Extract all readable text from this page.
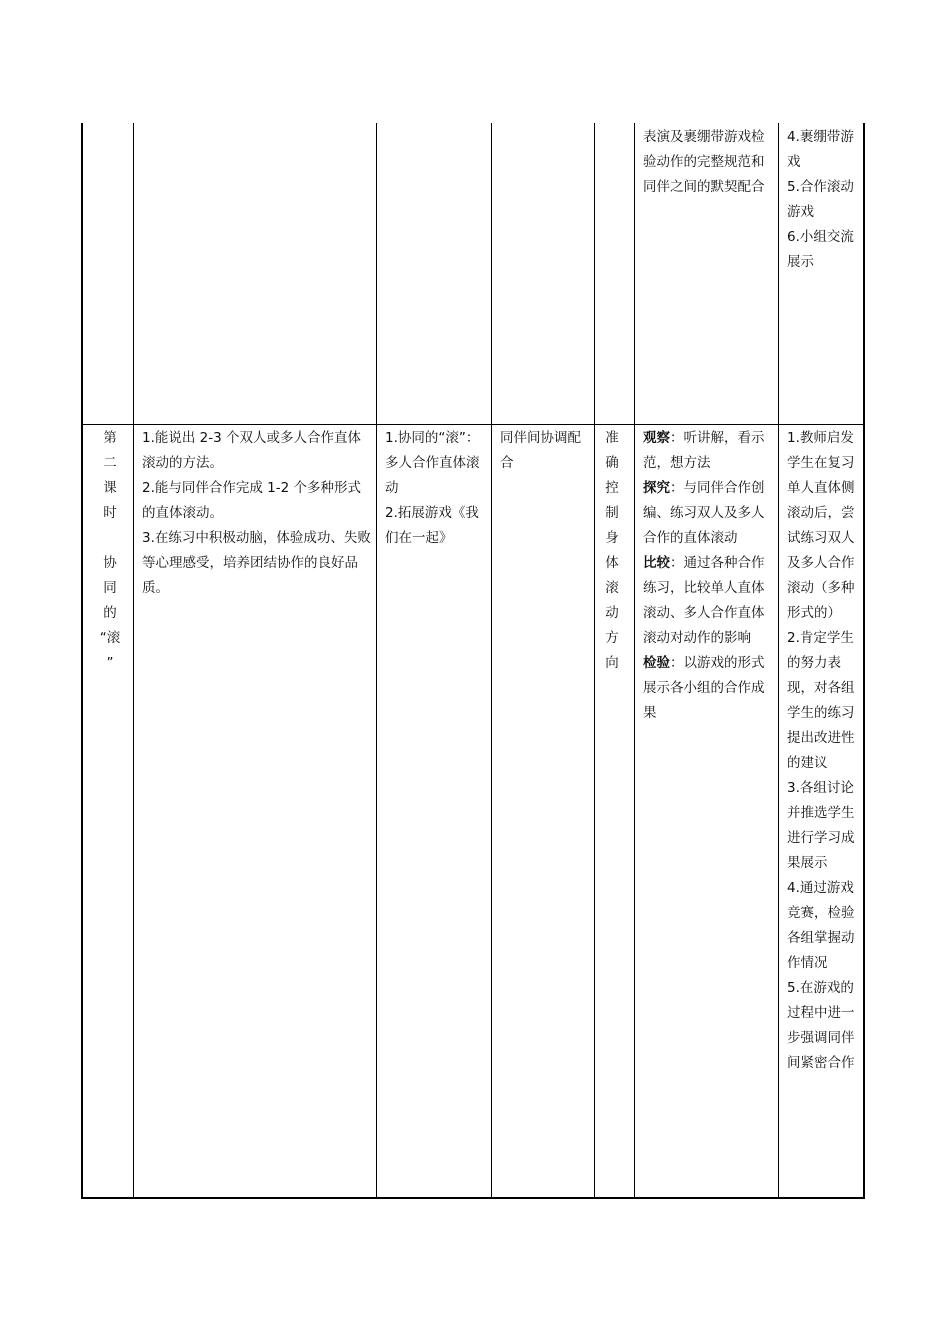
表演及裹绷带游戏检验动作的完整规范和同伴之间的默契配合
4.裹绷带游戏
5.合作滚动游戏
6.小组交流展示
第
二
课
时
协
同
的
“滚
”
1.能说出 2-3 个双人或多人合作直体滚动的方法。
2.能与同伴合作完成 1-2 个多种形式的直体滚动。
3.在练习中积极动脑，体验成功、失败等心理感受，培养团结协作的良好品质。
1.协同的“滚”：多人合作直体滚动
2.拓展游戏《我们在一起》
同伴间协调配合
准
确
控
制
身
体
滚
动
方
向
观察：听讲解，看示范，想方法
探究：与同伴合作创编、练习双人及多人合作的直体滚动
比较：通过各种合作练习，比较单人直体滚动、多人合作直体滚动对动作的影响
检验：以游戏的形式展示各小组的合作成果
1.教师启发学生在复习单人直体侧滚动后，尝试练习双人及多人合作滚动（多种形式的）
2.肯定学生的努力表现，对各组学生的练习提出改进性的建议
3.各组讨论并推选学生进行学习成果展示
4.通过游戏竞赛，检验各组掌握动作情况
5.在游戏的过程中进一步强调同伴间紧密合作
